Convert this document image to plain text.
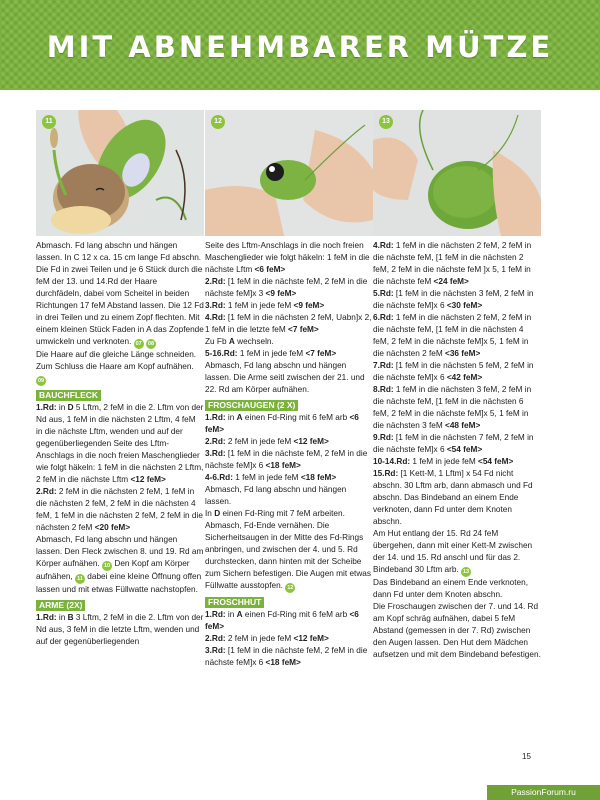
MIT ABNEHMBARER MÜTZE
11	12	13

Abmasch. Fd lang abschn und hängen lassen. In C 12 x ca. 15 cm lange Fd abschn. Die Fd in zwei Teilen und je 6 Stück durch die feM der 13. und 14.Rd der Haare durchfädeln, dabei vom Scheitel in beiden Richtungen 17 feM Abstand lassen. Die 12 Fd in drei Teilen und zu einem Zopf flechten. Mit einem kleinen Stück Faden in A das Zopfende umwickeln und verknoten. 07 08
Die Haare auf die gleiche Länge schneiden. Zum Schluss die Haare am Kopf aufnähen. 09

BAUCHFLECK

1.Rd: in D 5 Lftm, 2 feM in die 2. Lftm von der Nd aus, 1 feM in die nächsten 2 Lftm, 4 feM in die nächste Lftm, wenden und auf der gegenüberliegenden Seite des Lftm-Anschlags in die noch freien Maschenglieder wie folgt häkeln: 1 feM in die nächsten 2 Lftm, 2 feM in die nächste Lftm <12 feM>
2.Rd: 2 feM in die nächsten 2 feM, 1 feM in die nächsten 2 feM, 2 feM in die nächsten 4 feM, 1 feM in die nächsten 2 feM, 2 feM in die nächsten 2 feM <20 feM>
Abmasch, Fd lang abschn und hängen lassen. Den Fleck zwischen 8. und 19. Rd am Körper aufnähen. 10 Den Kopf am Körper aufnähen, 11 dabei eine kleine Öffnung offen lassen und mit etwas Füllwatte nachstopfen.

ARME (2X)

1.Rd: in B 3 Lftm, 2 feM in die 2. Lftm von der Nd aus, 3 feM in die letzte Lftm, wenden und auf der gegenüberliegenden

Seite des Lftm-Anschlags in die noch freien Maschenglieder wie folgt häkeln: 1 feM in die nächste Lftm <6 feM>
2.Rd: [1 feM in die nächste feM, 2 feM in die nächste feM]x 3 <9 feM>
3.Rd: 1 feM in jede feM <9 feM>
4.Rd: [1 feM in die nächsten 2 feM, Uabn]x 2, 1 feM in die letzte feM <7 feM>
Zu Fb A wechseln.
5-16.Rd: 1 feM in jede feM <7 feM>
Abmasch, Fd lang abschn und hängen lassen. Die Arme seitl zwischen der 21. und 22. Rd am Körper aufnähen.

FROSCHAUGEN (2 X)

1.Rd: in A einen Fd-Ring mit 6 feM arb <6 feM>
2.Rd: 2 feM in jede feM <12 feM>
3.Rd: [1 feM in die nächste feM, 2 feM in die nächste feM]x 6 <18 feM>
4-6.Rd: 1 feM in jede feM <18 feM>
Abmasch, Fd lang abschn und hängen lassen.
In D einen Fd-Ring mit 7 feM arbeiten. Abmasch, Fd-Ende vernähen. Die Sicherheitsaugen in der Mitte des Fd-Rings anbringen, und zwischen der 4. und 5. Rd durchstecken, dann hinten mit der Scheibe zum Sichern befestigen. Die Augen mit etwas Füllwatte ausstopfen. 12

FROSCHHUT

1.Rd: in A einen Fd-Ring mit 6 feM arb <6 feM>
2.Rd: 2 feM in jede feM <12 feM>
3.Rd: [1 feM in die nächste feM, 2 feM in die nächste feM]x 6 <18 feM>

4.Rd: 1 feM in die nächsten 2 feM, 2 feM in die nächste feM, [1 feM in die nächsten 2 feM, 2 feM in die nächste feM ]x 5, 1 feM in die nächste feM <24 feM>
5.Rd: [1 feM in die nächsten 3 feM, 2 feM in die nächste feM]x 6 <30 feM>
6.Rd: 1 feM in die nächsten 2 feM, 2 feM in die nächste feM, [1 feM in die nächsten 4 feM, 2 feM in die nächste feM]x 5, 1 feM in die nächsten 2 feM <36 feM>
7.Rd: [1 feM in die nächsten 5 feM, 2 feM in die nächste feM]x 6 <42 feM>
8.Rd: 1 feM in die nächsten 3 feM, 2 feM in die nächste feM, [1 feM in die nächsten 6 feM, 2 feM in die nächste feM]x 5, 1 feM in die nächsten 3 feM <48 feM>
9.Rd: [1 feM in die nächsten 7 feM, 2 feM in die nächste feM]x 6 <54 feM>
10-14.Rd: 1 feM in jede feM <54 feM>
15.Rd: [1 Kett-M, 1 Lftm] x 54 Fd nicht abschn. 30 Lftm arb, dann abmasch und Fd abschn. Das Bindeband an einem Ende verknoten, dann Fd unter dem Knoten abschn.
Am Hut entlang der 15. Rd 24 feM übergehen, dann mit einer Kett-M zwischen der 14. und 15. Rd anschl und für das 2. Bindeband 30 Lftm arb. 13
Das Bindeband an einem Ende verknoten, dann Fd unter dem Knoten abschn.
Die Froschaugen zwischen der 7. und 14. Rd am Kopf schräg aufnähen, dabei 5 feM Abstand (gemessen in der 7. Rd) zwischen den Augen lassen. Den Hut dem Mädchen aufsetzen und mit dem Bindeband befestigen.

15
PassionForum.ru
